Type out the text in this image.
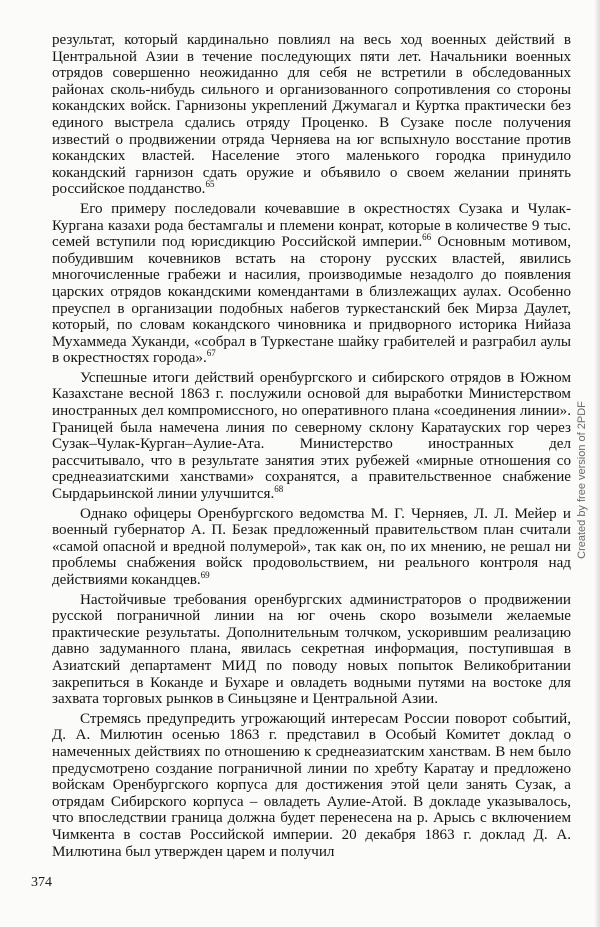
результат, который кардинально повлиял на весь ход военных действий в Центральной Азии в течение последующих пяти лет. Начальники военных отрядов совершенно неожиданно для себя не встретили в обследованных районах сколь-нибудь сильного и организованного сопротивления со стороны кокандских войск. Гарнизоны укреплений Джумагал и Куртка практически без единого выстрела сдались отряду Проценко. В Сузаке после получения известий о продвижении отряда Черняева на юг вспыхнуло восстание против кокандских властей. Население этого маленького городка принудило кокандский гарнизон сдать оружие и объявило о своем желании принять российское подданство.$^{65}$

Его примеру последовали кочевавшие в окрестностях Сузака и Чулак-Кургана казахи рода бестамгалы и племени конрат, которые в количестве 9 тыс. семей вступили под юрисдикцию Российской империи.$^{66}$ Основным мотивом, побудившим кочевников встать на сторону русских властей, явились многочисленные грабежи и насилия, производимые незадолго до появления царских отрядов кокандскими комендантами в близлежащих аулах. Особенно преуспел в организации подобных набегов туркестанский бек Мирза Даулет, который, по словам кокандского чиновника и придворного историка Нийаза Мухаммеда Хуканди, «собрал в Туркестане шайку грабителей и разграбил аулы в окрестностях города».$^{67}$

Успешные итоги действий оренбургского и сибирского отрядов в Южном Казахстане весной 1863 г. послужили основой для выработки Министерством иностранных дел компромиссного, но оперативного плана «соединения линии». Границей была намечена линия по северному склону Каратауских гор через Сузак–Чулак-Курган–Аулие-Ата. Министерство иностранных дел рассчитывало, что в результате занятия этих рубежей «мирные отношения со среднеазиатскими ханствами» сохранятся, а правительственное снабжение Сырдарьинской линии улучшится.$^{68}$

Однако офицеры Оренбургского ведомства М. Г. Черняев, Л. Л. Мейер и военный губернатор А. П. Безак предложенный правительством план считали «самой опасной и вредной полумерой», так как он, по их мнению, не решал ни проблемы снабжения войск продовольствием, ни реального контроля над действиями кокандцев.$^{69}$

Настойчивые требования оренбургских администраторов о продвижении русской пограничной линии на юг очень скоро возымели желаемые практические результаты. Дополнительным толчком, ускорившим реализацию давно задуманного плана, явилась секретная информация, поступившая в Азиатский департамент МИД по поводу новых попыток Великобритании закрепиться в Коканде и Бухаре и овладеть водными путями на востоке для захвата торговых рынков в Синьцзяне и Центральной Азии.

Стремясь предупредить угрожающий интересам России поворот событий, Д. А. Милютин осенью 1863 г. представил в Особый Комитет доклад о намеченных действиях по отношению к среднеазиатским ханствам. В нем было предусмотрено создание пограничной линии по хребту Каратау и предложено войскам Оренбургского корпуса для достижения этой цели занять Сузак, а отрядам Сибирского корпуса – овладеть Аулие-Атой. В докладе указывалось, что впоследствии граница должна будет перенесена на р. Арысь с включением Чимкента в состав Российской империи. 20 декабря 1863 г. доклад Д. А. Милютина был утвержден царем и получил

374
Created by free version of 2PDF
